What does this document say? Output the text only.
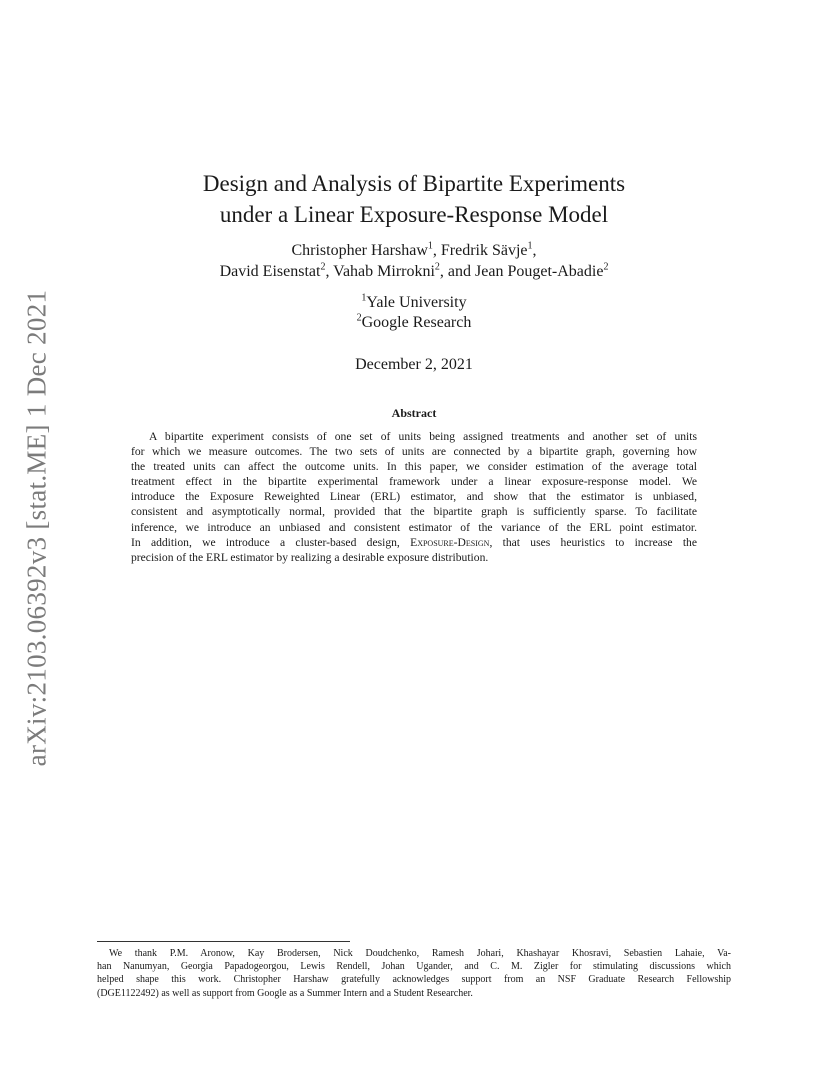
arXiv:2103.06392v3 [stat.ME] 1 Dec 2021
Design and Analysis of Bipartite Experiments
under a Linear Exposure-Response Model
Christopher Harshaw$^1$, Fredrik Sävje$^1$,
David Eisenstat$^2$, Vahab Mirrokni$^2$, and Jean Pouget-Abadie$^2$
$^1$Yale University
$^2$Google Research
December 2, 2021
Abstract
A bipartite experiment consists of one set of units being assigned treatments and another set of units
for which we measure outcomes. The two sets of units are connected by a bipartite graph, governing how
the treated units can affect the outcome units. In this paper, we consider estimation of the average total
treatment effect in the bipartite experimental framework under a linear exposure-response model. We
introduce the Exposure Reweighted Linear (ERL) estimator, and show that the estimator is unbiased,
consistent and asymptotically normal, provided that the bipartite graph is sufficiently sparse. To facilitate
inference, we introduce an unbiased and consistent estimator of the variance of the ERL point estimator.
In addition, we introduce a cluster-based design, Exposure-Design, that uses heuristics to increase the
precision of the ERL estimator by realizing a desirable exposure distribution.
We thank P.M. Aronow, Kay Brodersen, Nick Doudchenko, Ramesh Johari, Khashayar Khosravi, Sebastien Lahaie, Va-
han Nanumyan, Georgia Papadogeorgou, Lewis Rendell, Johan Ugander, and C. M. Zigler for stimulating discussions which
helped shape this work. Christopher Harshaw gratefully acknowledges support from an NSF Graduate Research Fellowship
(DGE1122492) as well as support from Google as a Summer Intern and a Student Researcher.
